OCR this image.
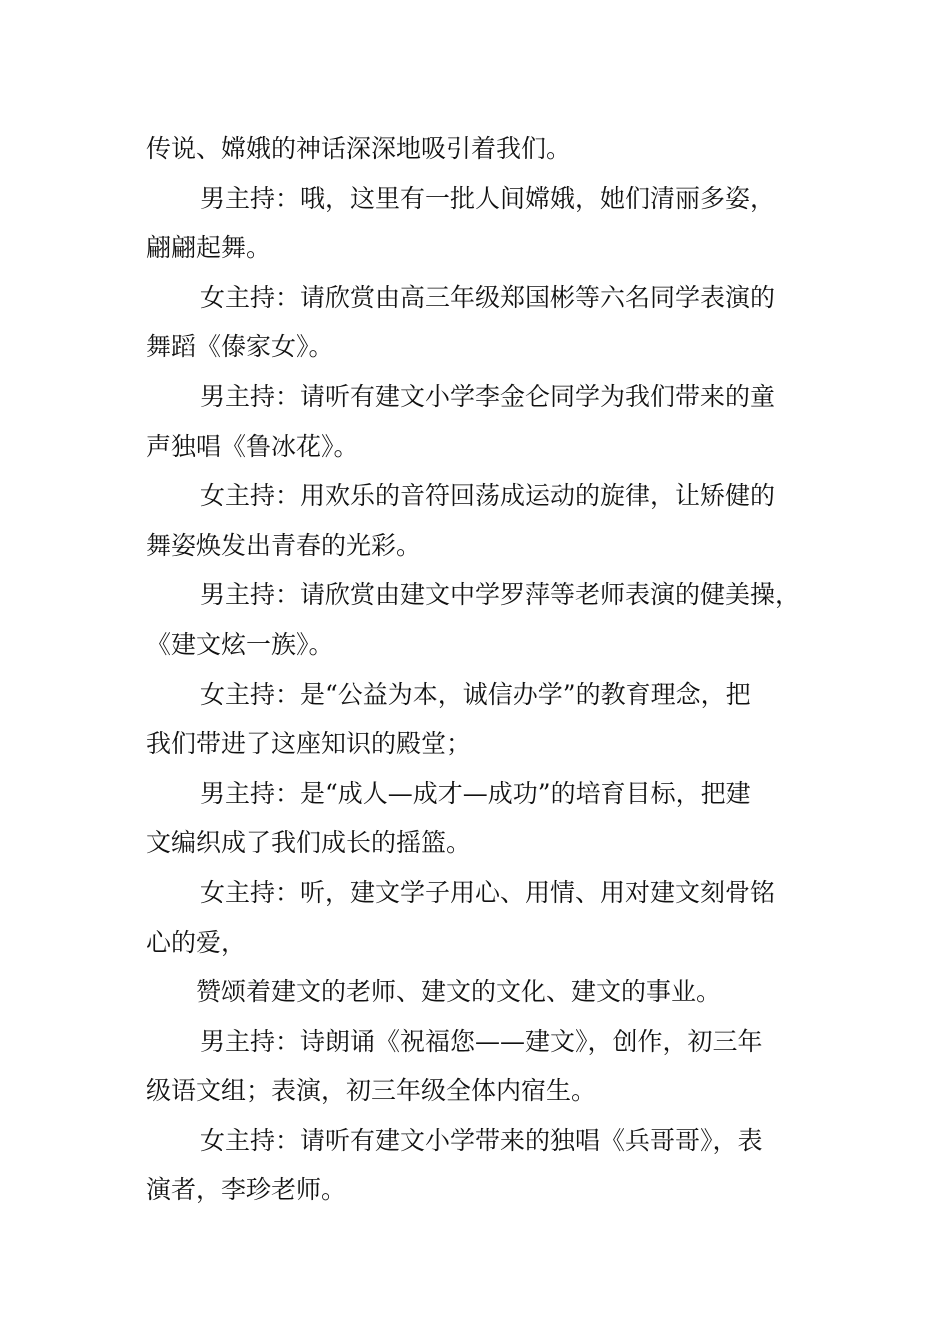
传说、嫦娥的神话深深地吸引着我们。
男主持：哦，这里有一批人间嫦娥，她们清丽多姿，
翩翩起舞。
女主持：请欣赏由高三年级郑国彬等六名同学表演的
舞蹈《傣家女》。
男主持：请听有建文小学李金仑同学为我们带来的童
声独唱《鲁冰花》。
女主持：用欢乐的音符回荡成运动的旋律，让矫健的
舞姿焕发出青春的光彩。
男主持：请欣赏由建文中学罗萍等老师表演的健美操，
《建文炫一族》。
女主持：是“公益为本，诚信办学”的教育理念，把
我们带进了这座知识的殿堂；
男主持：是“成人—成才—成功”的培育目标，把建
文编织成了我们成长的摇篮。
女主持：听，建文学子用心、用情、用对建文刻骨铭
心的爱，
赞颂着建文的老师、建文的文化、建文的事业。
男主持：诗朗诵《祝福您——建文》，创作，初三年
级语文组；表演，初三年级全体内宿生。
女主持：请听有建文小学带来的独唱《兵哥哥》，表
演者，李珍老师。
